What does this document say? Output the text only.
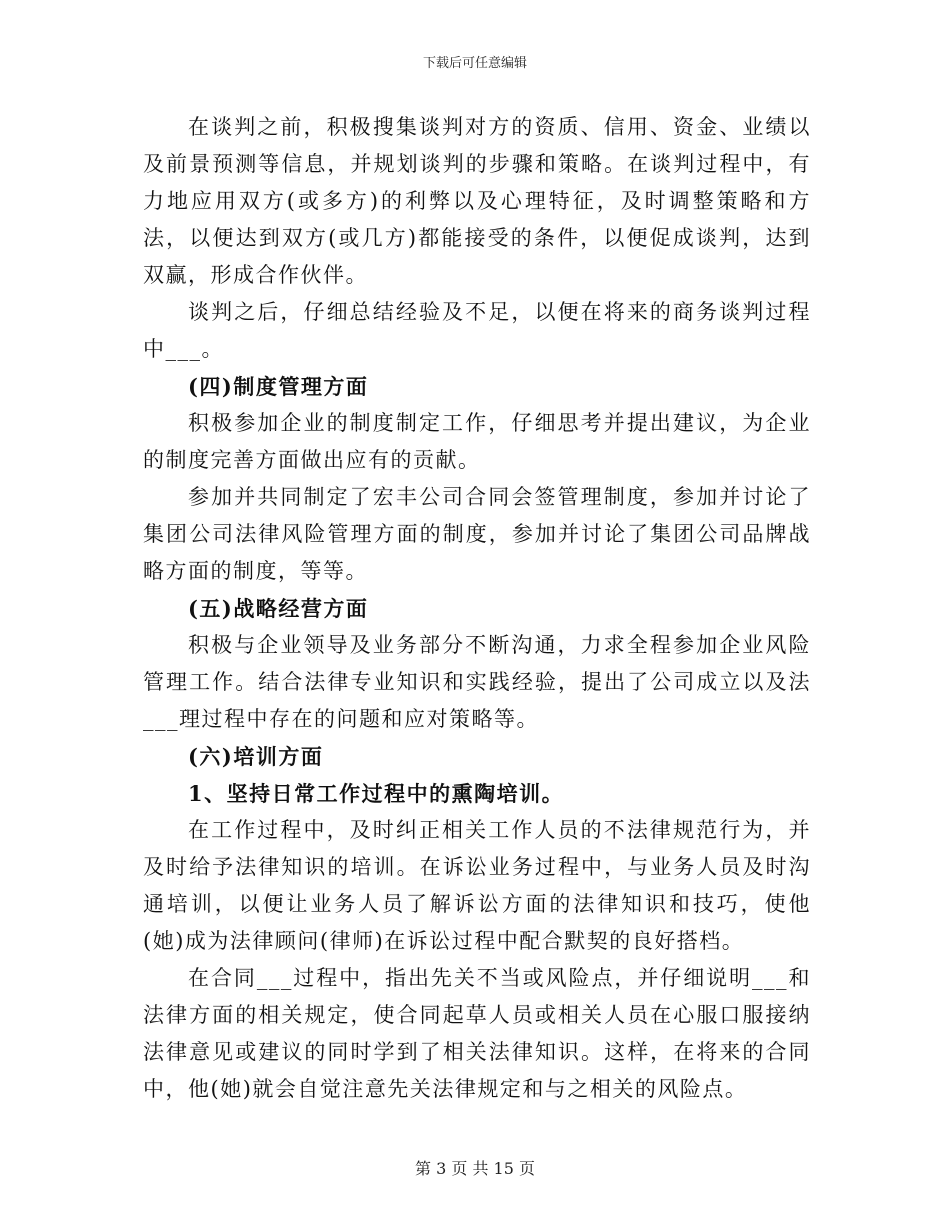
下载后可任意编辑

在谈判之前，积极搜集谈判对方的资质、信用、资金、业绩以及前景预测等信息，并规划谈判的步骤和策略。在谈判过程中，有力地应用双方(或多方)的利弊以及心理特征，及时调整策略和方法，以便达到双方(或几方)都能接受的条件，以便促成谈判，达到双赢，形成合作伙伴。

谈判之后，仔细总结经验及不足，以便在将来的商务谈判过程中___。

(四)制度管理方面

积极参加企业的制度制定工作，仔细思考并提出建议，为企业的制度完善方面做出应有的贡献。

参加并共同制定了宏丰公司合同会签管理制度，参加并讨论了集团公司法律风险管理方面的制度，参加并讨论了集团公司品牌战略方面的制度，等等。

(五)战略经营方面

积极与企业领导及业务部分不断沟通，力求全程参加企业风险管理工作。结合法律专业知识和实践经验，提出了公司成立以及法___理过程中存在的问题和应对策略等。

(六)培训方面

1、坚持日常工作过程中的熏陶培训。

在工作过程中，及时纠正相关工作人员的不法律规范行为，并及时给予法律知识的培训。在诉讼业务过程中，与业务人员及时沟通培训，以便让业务人员了解诉讼方面的法律知识和技巧，使他(她)成为法律顾问(律师)在诉讼过程中配合默契的良好搭档。

在合同___过程中，指出先关不当或风险点，并仔细说明___和法律方面的相关规定，使合同起草人员或相关人员在心服口服接纳法律意见或建议的同时学到了相关法律知识。这样，在将来的合同中，他(她)就会自觉注意先关法律规定和与之相关的风险点。

第 3 页 共 15 页
